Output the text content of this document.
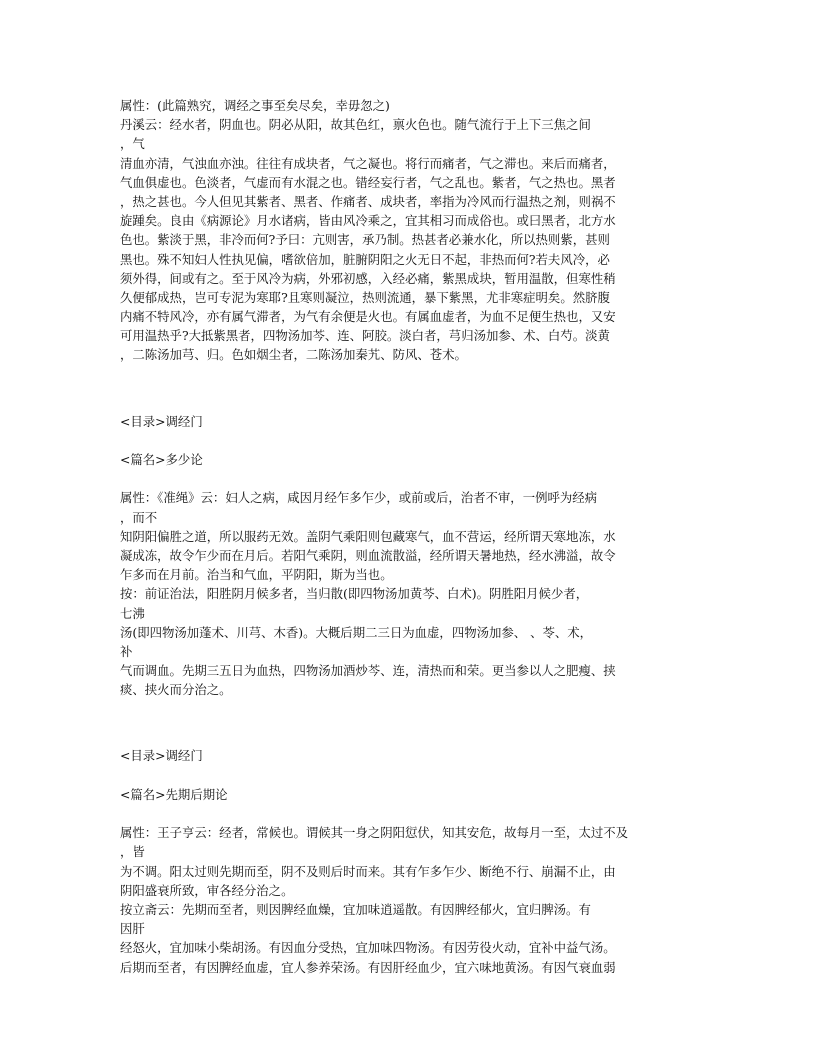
属性：(此篇熟究，调经之事至矣尽矣，幸毋忽之)
丹溪云：经水者，阴血也。阴必从阳，故其色红，禀火色也。随气流行于上下三焦之间
，气
清血亦清，气浊血亦浊。往往有成块者，气之凝也。将行而痛者，气之滞也。来后而痛者，
气血俱虚也。色淡者，气虚而有水混之也。错经妄行者，气之乱也。紫者，气之热也。黑者
，热之甚也。今人但见其紫者、黑者、作痛者、成块者，率指为冷风而行温热之剂，则祸不
旋踵矣。良由《病源论》月水诸病，皆由风冷乘之，宜其相习而成俗也。或曰黑者，北方水
色也。紫淡于黑，非冷而何?予曰：亢则害，承乃制。热甚者必兼水化，所以热则紫，甚则
黑也。殊不知妇人性执见偏，嗜欲倍加，脏腑阴阳之火无日不起，非热而何?若夫风冷，必
须外得，间或有之。至于风冷为病，外邪初感，入经必痛，紫黑成块，暂用温散，但寒性稍
久便郁成热，岂可专泥为寒耶?且寒则凝泣，热则流通，暴下紫黑，尤非寒症明矣。然脐腹
内痛不特风冷，亦有属气滞者，为气有余便是火也。有属血虚者，为血不足便生热也，又安
可用温热乎?大抵紫黑者，四物汤加芩、连、阿胶。淡白者，芎归汤加参、术、白芍。淡黄
，二陈汤加芎、归。色如烟尘者，二陈汤加秦艽、防风、苍术。
<目录>调经门
<篇名>多少论
属性：《准绳》云：妇人之病，咸因月经乍多乍少，或前或后，治者不审，一例呼为经病
，而不
知阴阳偏胜之道，所以服药无效。盖阴气乘阳则包藏寒气，血不营运，经所谓天寒地冻，水
凝成冻，故令乍少而在月后。若阳气乘阴，则血流散溢，经所谓天暑地热，经水沸溢，故令
乍多而在月前。治当和气血，平阴阳，斯为当也。
按：前证治法，阳胜阴月候多者，当归散(即四物汤加黄芩、白术)。阴胜阳月候少者，
七沸
汤(即四物汤加蓬术、川芎、木香)。大概后期二三日为血虚，四物汤加参、 、苓、术，
补
气而调血。先期三五日为血热，四物汤加酒炒芩、连，清热而和荣。更当参以人之肥瘦、挟
痰、挟火而分治之。
<目录>调经门
<篇名>先期后期论
属性：王子亨云：经者，常候也。谓候其一身之阴阳愆伏，知其安危，故每月一至，太过不及
，皆
为不调。阳太过则先期而至，阴不及则后时而来。其有乍多乍少、断绝不行、崩漏不止，由
阴阳盛衰所致，审各经分治之。
按立斋云：先期而至者，则因脾经血燥，宜加味逍遥散。有因脾经郁火，宜归脾汤。有
因肝
经怒火，宜加味小柴胡汤。有因血分受热，宜加味四物汤。有因劳役火动，宜补中益气汤。
后期而至者，有因脾经血虚，宜人参养荣汤。有因肝经血少，宜六味地黄汤。有因气衰血弱
